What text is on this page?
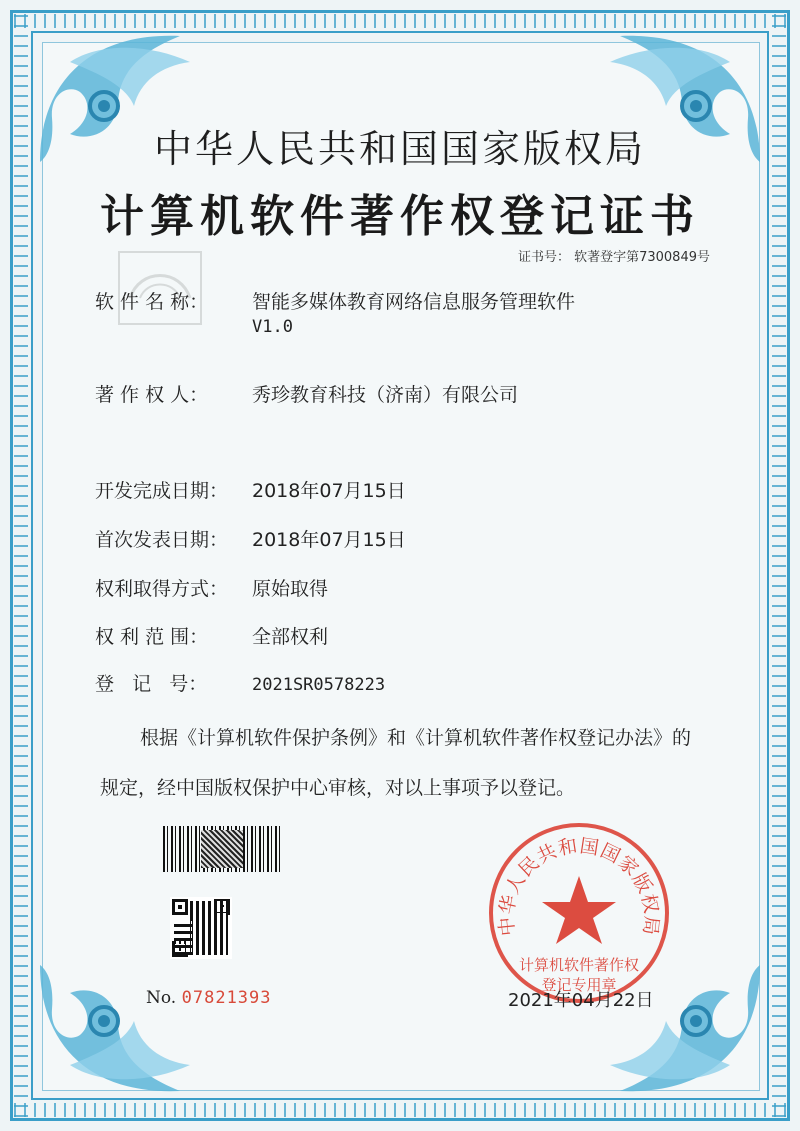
中华人民共和国国家版权局
计算机软件著作权登记证书
证书号： 软著登字第7300849号
软 件 名 称： 智能多媒体教育网络信息服务管理软件
V1.0
著 作 权 人： 秀珍教育科技（济南）有限公司
开发完成日期： 2018年07月15日
首次发表日期： 2018年07月15日
权利取得方式： 原始取得
权 利 范 围： 全部权利
登   记   号：	2021SR0578223
根据《计算机软件保护条例》和《计算机软件著作权登记办法》的
规定，经中国版权保护中心审核，对以上事项予以登记。
No. 07821393
中华人民共和国国家版权局
计算机软件著作权
登记专用章
2021年04月22日
